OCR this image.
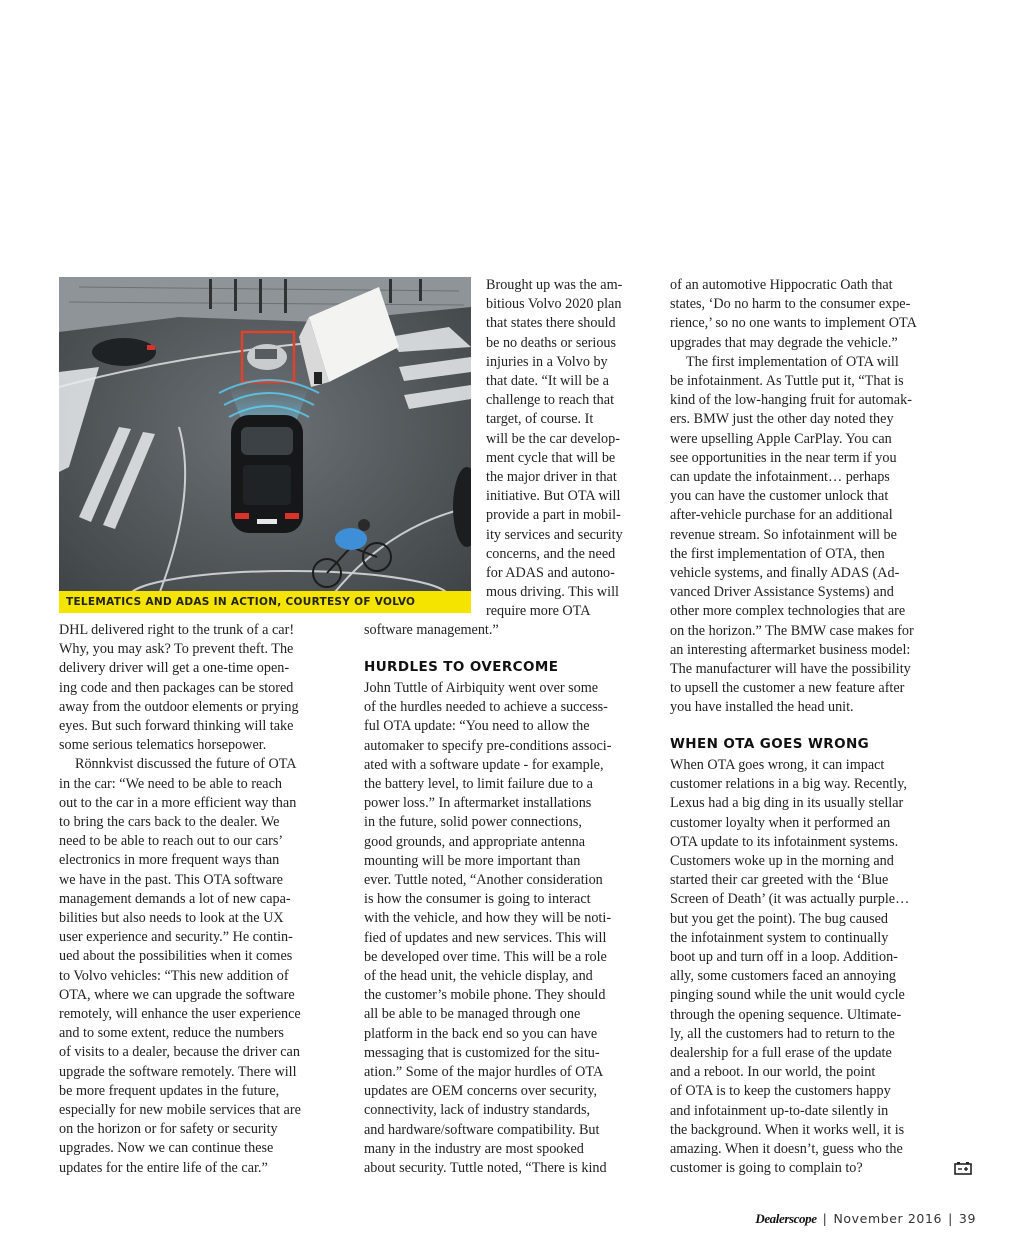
TELEMATICS AND ADAS IN ACTION, COURTESY OF VOLVO
Brought up was the am-
bitious Volvo 2020 plan
that states there should
be no deaths or serious
injuries in a Volvo by
that date. “It will be a
challenge to reach that
target, of course. It
will be the car develop-
ment cycle that will be
the major driver in that
initiative. But OTA will
provide a part in mobil-
ity services and security
concerns, and the need
for ADAS and autono-
mous driving. This will
require more OTA
DHL delivered right to the trunk of a car!
Why, you may ask? To prevent theft. The
delivery driver will get a one-time open-
ing code and then packages can be stored
away from the outdoor elements or prying
eyes. But such forward thinking will take
some serious telematics horsepower.
Rönnkvist discussed the future of OTA
in the car: “We need to be able to reach
out to the car in a more efficient way than
to bring the cars back to the dealer. We
need to be able to reach out to our cars’
electronics in more frequent ways than
we have in the past. This OTA software
management demands a lot of new capa-
bilities but also needs to look at the UX
user experience and security.” He contin-
ued about the possibilities when it comes
to Volvo vehicles: “This new addition of
OTA, where we can upgrade the software
remotely, will enhance the user experience
and to some extent, reduce the numbers
of visits to a dealer, because the driver can
upgrade the software remotely. There will
be more frequent updates in the future,
especially for new mobile services that are
on the horizon or for safety or security
upgrades. Now we can continue these
updates for the entire life of the car.”
software management.”
HURDLES TO OVERCOME
John Tuttle of Airbiquity went over some
of the hurdles needed to achieve a success-
ful OTA update: “You need to allow the
automaker to specify pre-conditions associ-
ated with a software update - for example,
the battery level, to limit failure due to a
power loss.” In aftermarket installations
in the future, solid power connections,
good grounds, and appropriate antenna
mounting will be more important than
ever. Tuttle noted, “Another consideration
is how the consumer is going to interact
with the vehicle, and how they will be noti-
fied of updates and new services. This will
be developed over time. This will be a role
of the head unit, the vehicle display, and
the customer’s mobile phone. They should
all be able to be managed through one
platform in the back end so you can have
messaging that is customized for the situ-
ation.” Some of the major hurdles of OTA
updates are OEM concerns over security,
connectivity, lack of industry standards,
and hardware/software compatibility. But
many in the industry are most spooked
about security. Tuttle noted, “There is kind
WHEN OTA GOES WRONG
of an automotive Hippocratic Oath that
states, ‘Do no harm to the consumer expe-
rience,’ so no one wants to implement OTA
upgrades that may degrade the vehicle.”
The first implementation of OTA will
be infotainment. As Tuttle put it, “That is
kind of the low-hanging fruit for automak-
ers. BMW just the other day noted they
were upselling Apple CarPlay. You can
see opportunities in the near term if you
can update the infotainment… perhaps
you can have the customer unlock that
after-vehicle purchase for an additional
revenue stream. So infotainment will be
the first implementation of OTA, then
vehicle systems, and finally ADAS (Ad-
vanced Driver Assistance Systems) and
other more complex technologies that are
on the horizon.” The BMW case makes for
an interesting aftermarket business model:
The manufacturer will have the possibility
to upsell the customer a new feature after
you have installed the head unit.
When OTA goes wrong, it can impact
customer relations in a big way. Recently,
Lexus had a big ding in its usually stellar
customer loyalty when it performed an
OTA update to its infotainment systems.
Customers woke up in the morning and
started their car greeted with the ‘Blue
Screen of Death’ (it was actually purple…
but you get the point). The bug caused
the infotainment system to continually
boot up and turn off in a loop. Addition-
ally, some customers faced an annoying
pinging sound while the unit would cycle
through the opening sequence. Ultimate-
ly, all the customers had to return to the
dealership for a full erase of the update
and a reboot. In our world, the point
of OTA is to keep the customers happy
and infotainment up-to-date silently in
the background. When it works well, it is
amazing. When it doesn’t, guess who the
customer is going to complain to?
Dealerscope | November 2016 | 39
